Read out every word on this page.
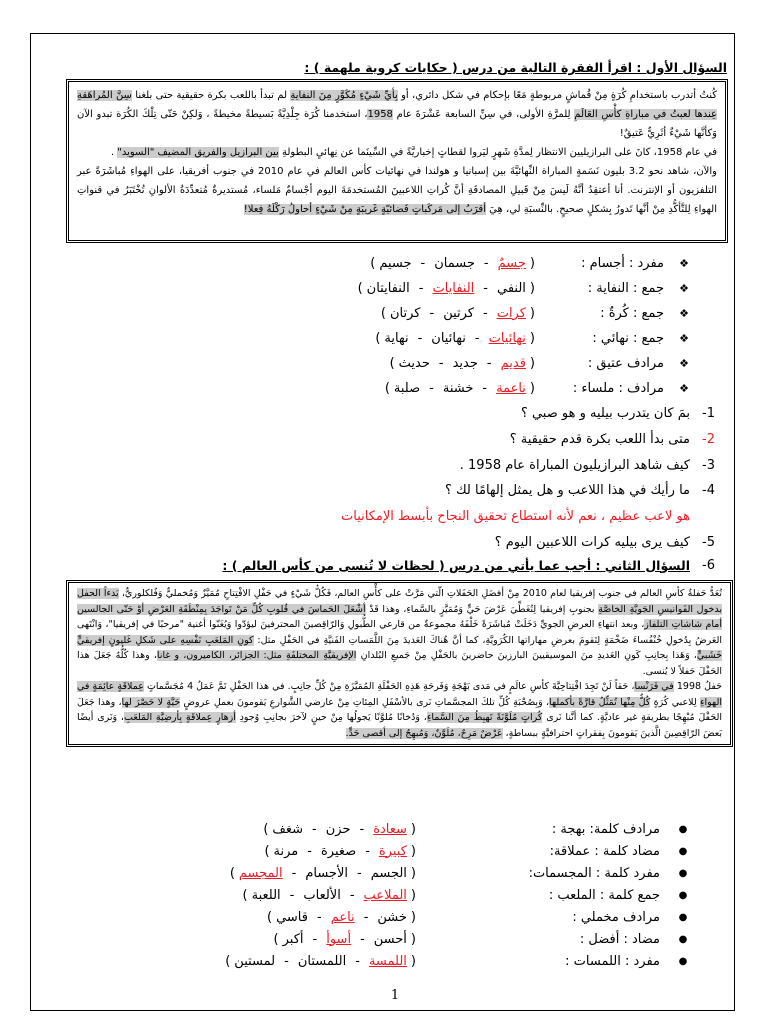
السؤال الأول : اقرأ الفقرة التالية من درس ( حكايات كروية ملهمة ) :

كُنتُ أتدرب باستخدامِ كُرَةٍ مِنْ قُماشٍ مربوطةٍ مَعًا بإحكام في شكل دائري، أو بِأيِّ شَيْءٍ مُكَوَّرٍ مِنَ النفايةِ لم تبدأ باللعب بكرة حقيقية حتى بلغنا سِنَّ المُراهَقةِ عِندها لعبتُ في مباراةِ كأْسِ العَالَمِ لِلمرَّةِ الأولى، في سِنِّ السابعة عَشْرَةَ عام 1958، استخدمنا كُرَة جِلْدِيَّةً بَسيطةً مخيطةً ، وَلكِنْ حَتّى تِلْكَ الكُرَة تبدو الآن وَكأنَّها شَيْءٌ أثَرِيٌّ عَتيقٌ!

في عام 1958، كانَ على البرازيليين الانتظار لِمدَّةِ شَهرٍ ليَروا لقطاتٍ إخباريَّةً في السِّينَما عن نِهائيِ البطولةِ بين البرازيل والفريق المضيف "السويد" .

والآن، شاهد نحو 3.2 بليون نَسَمةٍ المباراة النِّهائيَّةَ بين إسبانيا و هولندا في نهائيات كأس العالم في عام 2010 في جنوب أفريقيا، على الهواءِ مُباشَرَةً عبر التلفزيون أو الإنترنت. أنا أعتقِدُ أنَّهُ لَيسَ مِنْ قَبيلِ المصادفَةِ أنَّ كُراتِ اللاعبينَ المُستخدمَةَ اليوم أجْسامٌ مَلساء، مُستديرةٌ مُتعدِّدَةُ الألوانِ تُخْتَبَرُ في قنواتِ الهواءِ لِلتَّأكُّدِ مِنْ أنَّها تَدورُ بِشكلٍ صحيحٍ. بالنِّسبَةِ لي، هِيَ أقرَبُ إلى مَركَباتٍ فَضائيّةٍ غَريبَةٍ مِنْ شَيْءٍ أحاولُ رَكْلَهُ فِعلا!

❖
مفرد : أجسام :
(جسمٌ-جسمان-جسيم)
❖
جمع : النفاية :
(النفي-النفايات-النفايتان)
❖
جمع : كُرةٌ :
(كرات-كرتين-كرتان)
❖
جمع : نهائي :
(نهائيات-نهائيان-نهاية)
❖
مرادف عتيق :
(قديم-جديد-حديث)
❖
مرادف : ملساء :
(ناعمة-خشنة-صلبة)
1-
بمَ كان يتدرب بيليه و هو صبي ؟
2-
متى بدأ اللعب بكرة قدم حقيقية ؟
3-
كيف شاهد البرازيليون المباراة عام 1958 .
4-
ما رأيك في هذا اللاعب و هل يمثل إلهامًا لك ؟
هو لاعب عظيم ، نعم لأنه استطاع تحقيق النجاح بأبسط الإمكانيات
5-
كيف يرى بيليه كرات اللاعبين اليوم ؟
6-
السؤال الثاني : أجب عما يأتي من درس ( لحظات لا تُنسى من كأس العالم ) :

تُعَدُّ حَفلةُ كأسِ العالم في جنوب إفريقيا لعام 2010 مِنْ أفضَلِ الحَفَلاتِ الّتي مَرَّتْ على كأْسِ العالم، فَكُلُّ شَيْءٍ في حَفْلِ الافْتِتاحِ مُمَيَّزٌ وَمُخمليٌّ وَفُلكلوريٌّ، بَدءاً الحفل بدخول الفَوانيسِ الجَويَّةِ الخاصَّةِ بجنوبِ إفريقيا لِتُغَطِّيَ عَرْضَ حَيٍّ وَمُمَيَّزٍ بالسَّماءِ، وهذا قَدْ أشْعَلَ الحَماسَ في قُلوبِ كُلِّ مَنْ تَواجَدَ بِمِنْطَقَةِ العَرْضِ أوْ حَتّى الجالسين أمام شاشاتِ التلفاز، وبعد انتهاءِ العرضِ الجويِّ دَخَلَتْ مُباشَرَةً خَلْفَهُ مجموعةٌ من قارعي الطُّبولِ وَالرّاقِصينَ المحترفينَ ليؤدّوا وَيُغَنّوا أغنية "مرحبًا في إفريقيا"، وَانْتَهى العَرضُ بِدُخولِ خُنْفُساءَ ضَخْمَةٍ لِتَقومَ بعرضِ مهاراتها الكُرَويَّةِ، كما أنَّ هُناكَ العَديدَ مِنَ اللَّمَساتِ الفَنيَّةِ في الحَفْلِ مثل: كونِ المَلعَبِ نَفْسِهِ على شَكلِ غَليونٍ إفريقيٍّ خَشَبيٍّ، وَهَذا بِجانِبِ كَونِ العَديدِ منَ الموسيقيينَ البارزينَ حاضرينَ بالحَفْلِ مِنْ جَميعِ البُلدانِ الإفريقيَّةِ المختلفَةِ مثل: الجزائر، الكاميرون، و غانا، وهذا كُلُّهُ جَعَلَ هذا الحَفْلَ حَفلاً لا يُنسى.

حَفلُ 1998 في فَرَنْسا، حَقاً لَنْ تَجِدَ افْتِتاحِيَّةَ كأسِ عالَمٍ في مَدى بَهْجَةِ وَفَرحَةِ هَذِهِ الحَفْلَةِ المُمَيَّزَةِ مِنْ كُلِّ جانِبٍ. في هذا الحَفْلِ تَمَّ عَمَلُ 4 مُجَسَّماتٍ عِملاقَةٍ عائِمَةٍ في الهواءِ لِلاعبي كُرَةٍ كُلٌّ مِنْها تُمَثِّلُ قارَّةً بأكملها، وَبِصُحْبَةِ كُلِّ تلكَ المجسَّماتِ نَرى بالأسْفَلِ المِئاتِ مِنْ عارضي الشَّوارعِ يَقومونَ بعملِ عروضٍ حَيَّةٍ لا حَصْرَ لها، وهذا جَعَلَ الحَفْلَ مُبْهِجًا بطريقةٍ غير عاديَّةٍ. كما أنَّنا نَرى كُراتٍ مُلَوَّنَةً تَهبِطُ مِنَ السَّماءِ، وَدُخانًا مُلوَّنًا يَجولُها مِنْ حينٍ لآخرَ بجانِبِ وُجودِ أزهارٍ عِملاقَةٍ بِأرضِيَّةِ المَلعَبِ، وَنَرى أيضًا بَعضَ الرّاقِصِينَ الَّذينَ يَقومونَ بِفقراتٍ احترافيَّةٍ ببساطةٍ، عَرْضٌ مَرِحٌ، مُلَوَّنٌ، وَمُبهِجٌ إلى أقصى حَدٍّ.

●
مرادف كلمة: بهجة :
(سعادة-حزن-شغف)
●
مضاد كلمة : عملاقة:
(كبيرة-صغيرة-مرنة)
●
مفرد كلمة : المجسمات:
(الجسم-الأجسام-المجسم)
●
جمع كلمة : الملعب :
(الملاعب-الألعاب-اللعبة)
●
مرادف مخملي :
(خشن-ناعم-قاسي)
●
مضاد : أفضل :
(أحسن-أسوأ-أكبر)
●
مفرد : اللمسات :
(اللمسة-اللمستان-لمستين)
1
